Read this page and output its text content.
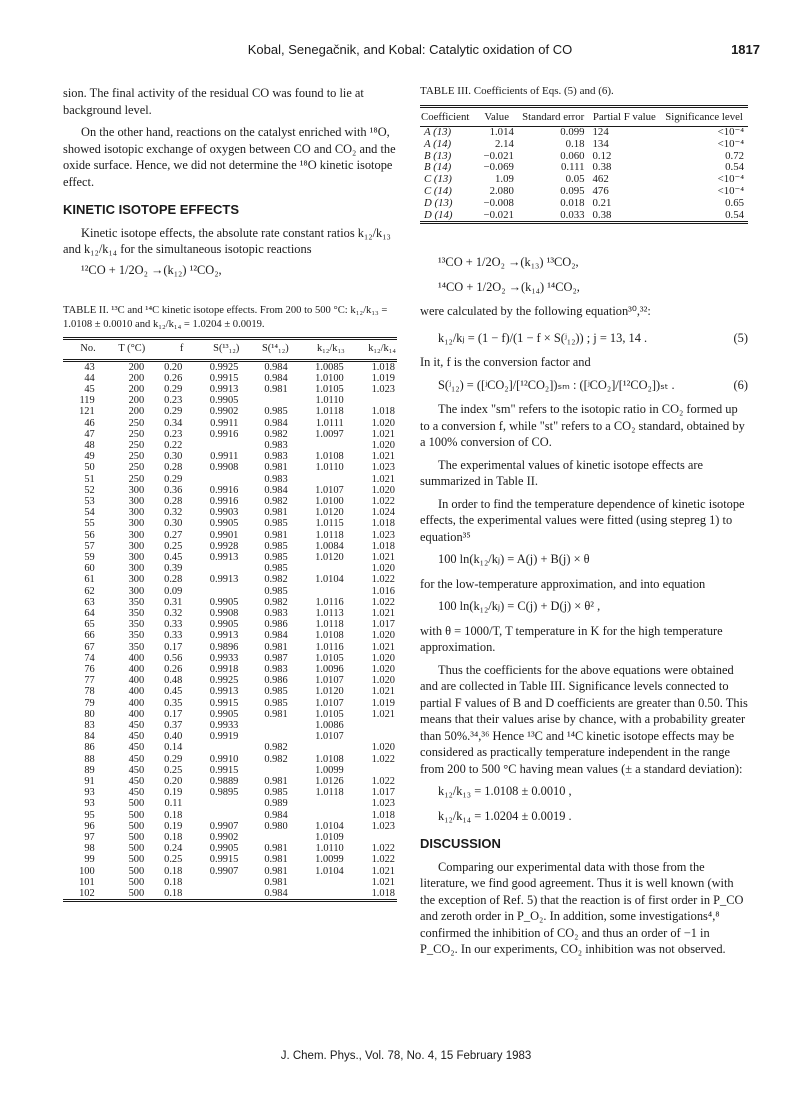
Kobal, Senegačnik, and Kobal: Catalytic oxidation of CO	1817

sion. The final activity of the residual CO was found to lie at background level.

On the other hand, reactions on the catalyst enriched with ¹⁸O, showed isotopic exchange of oxygen between CO and CO₂ and the oxide surface. Hence, we did not determine the ¹⁸O kinetic isotope effect.

KINETIC ISOTOPE EFFECTS

Kinetic isotope effects, the absolute rate constant ratios k₁₂/k₁₃ and k₁₂/k₁₄ for the simultaneous isotopic reactions

¹²CO + 1/2O₂ →(k₁₂) ¹²CO₂,

TABLE II. ¹³C and ¹⁴C kinetic isotope effects. From 200 to 500 °C: k₁₂/k₁₃ = 1.0108 ± 0.0010 and k₁₂/k₁₄ = 1.0204 ± 0.0019.

No.	T (°C)	f	S(¹³₁₂)	S(¹⁴₁₂)	k₁₂/k₁₃	k₁₂/k₁₄
43	200	0.20	0.9925	0.984	1.0085	1.018
44	200	0.26	0.9915	0.984	1.0100	1.019
45	200	0.29	0.9913	0.981	1.0105	1.023
119	200	0.23	0.9905		1.0110	
121	200	0.29	0.9902	0.985	1.0118	1.018
46	250	0.34	0.9911	0.984	1.0111	1.020
47	250	0.23	0.9916	0.982	1.0097	1.021
48	250	0.22		0.983		1.020
49	250	0.30	0.9911	0.983	1.0108	1.021
50	250	0.28	0.9908	0.981	1.0110	1.023
51	250	0.29		0.983		1.021
52	300	0.36	0.9916	0.984	1.0107	1.020
53	300	0.28	0.9916	0.982	1.0100	1.022
54	300	0.32	0.9903	0.981	1.0120	1.024
55	300	0.30	0.9905	0.985	1.0115	1.018
56	300	0.27	0.9901	0.981	1.0118	1.023
57	300	0.25	0.9928	0.985	1.0084	1.018
59	300	0.45	0.9913	0.985	1.0120	1.021
60	300	0.39		0.985		1.020
61	300	0.28	0.9913	0.982	1.0104	1.022
62	300	0.09		0.985		1.016
63	350	0.31	0.9905	0.982	1.0116	1.022
64	350	0.32	0.9908	0.983	1.0113	1.021
65	350	0.33	0.9905	0.986	1.0118	1.017
66	350	0.33	0.9913	0.984	1.0108	1.020
67	350	0.17	0.9896	0.981	1.0116	1.021
74	400	0.56	0.9933	0.987	1.0105	1.020
76	400	0.26	0.9918	0.983	1.0096	1.020
77	400	0.48	0.9925	0.986	1.0107	1.020
78	400	0.45	0.9913	0.985	1.0120	1.021
79	400	0.35	0.9915	0.985	1.0107	1.019
80	400	0.17	0.9905	0.981	1.0105	1.021
83	450	0.37	0.9933		1.0086	
84	450	0.40	0.9919		1.0107	
86	450	0.14		0.982		1.020
88	450	0.29	0.9910	0.982	1.0108	1.022
89	450	0.25	0.9915		1.0099	
91	450	0.20	0.9889	0.981	1.0126	1.022
93	450	0.19	0.9895	0.985	1.0118	1.017
93	500	0.11		0.989		1.023
95	500	0.18		0.984		1.018
96	500	0.19	0.9907	0.980	1.0104	1.023
97	500	0.18	0.9902		1.0109	
98	500	0.24	0.9905	0.981	1.0110	1.022
99	500	0.25	0.9915	0.981	1.0099	1.022
100	500	0.18	0.9907	0.981	1.0104	1.021
101	500	0.18		0.981		1.021
102	500	0.18		0.984		1.018

TABLE III. Coefficients of Eqs. (5) and (6).

Coefficient	Value	Standard error	Partial F value	Significance level
A (13)	1.014	0.099	124	<10⁻⁴
A (14)	2.14	0.18	134	<10⁻⁴
B (13)	−0.021	0.060	0.12	0.72
B (14)	−0.069	0.111	0.38	0.54
C (13)	1.09	0.05	462	<10⁻⁴
C (14)	2.080	0.095	476	<10⁻⁴
D (13)	−0.008	0.018	0.21	0.65
D (14)	−0.021	0.033	0.38	0.54

¹³CO + 1/2O₂ →(k₁₃) ¹³CO₂,

¹⁴CO + 1/2O₂ →(k₁₄) ¹⁴CO₂,

were calculated by the following equation³⁰,³²:

k₁₂/kⱼ = (1 − f)/(1 − f × S(ʲ₁₂)) ; j = 13, 14 .	(5)

In it, f is the conversion factor and

S(ʲ₁₂) = ([ʲCO₂]/[¹²CO₂])ₛₘ : ([ʲCO₂]/[¹²CO₂])ₛₜ .	(6)

The index "sm" refers to the isotopic ratio in CO₂ formed up to a conversion f, while "st" refers to a CO₂ standard, obtained by a 100% conversion of CO.

The experimental values of kinetic isotope effects are summarized in Table II.

In order to find the temperature dependence of kinetic isotope effects, the experimental values were fitted (using stepreg 1) to equation³⁵

100 ln(k₁₂/kⱼ) = A(j) + B(j) × θ

for the low-temperature approximation, and into equation

100 ln(k₁₂/kⱼ) = C(j) + D(j) × θ² ,

with θ = 1000/T, T temperature in K for the high temperature approximation.

Thus the coefficients for the above equations were obtained and are collected in Table III. Significance levels connected to partial F values of B and D coefficients are greater than 0.50. This means that their values arise by chance, with a probability greater than 50%.³⁴,³⁶ Hence ¹³C and ¹⁴C kinetic isotope effects may be considered as practically temperature independent in the range from 200 to 500 °C having mean values (± a standard deviation):

k₁₂/k₁₃ = 1.0108 ± 0.0010 ,

k₁₂/k₁₄ = 1.0204 ± 0.0019 .

DISCUSSION

Comparing our experimental data with those from the literature, we find good agreement. Thus it is well known (with the exception of Ref. 5) that the reaction is of first order in P_CO and zeroth order in P_O₂. In addition, some investigations⁴,⁸ confirmed the inhibition of CO₂ and thus an order of −1 in P_CO₂. In our experiments, CO₂ inhibition was not observed.

J. Chem. Phys., Vol. 78, No. 4, 15 February 1983
